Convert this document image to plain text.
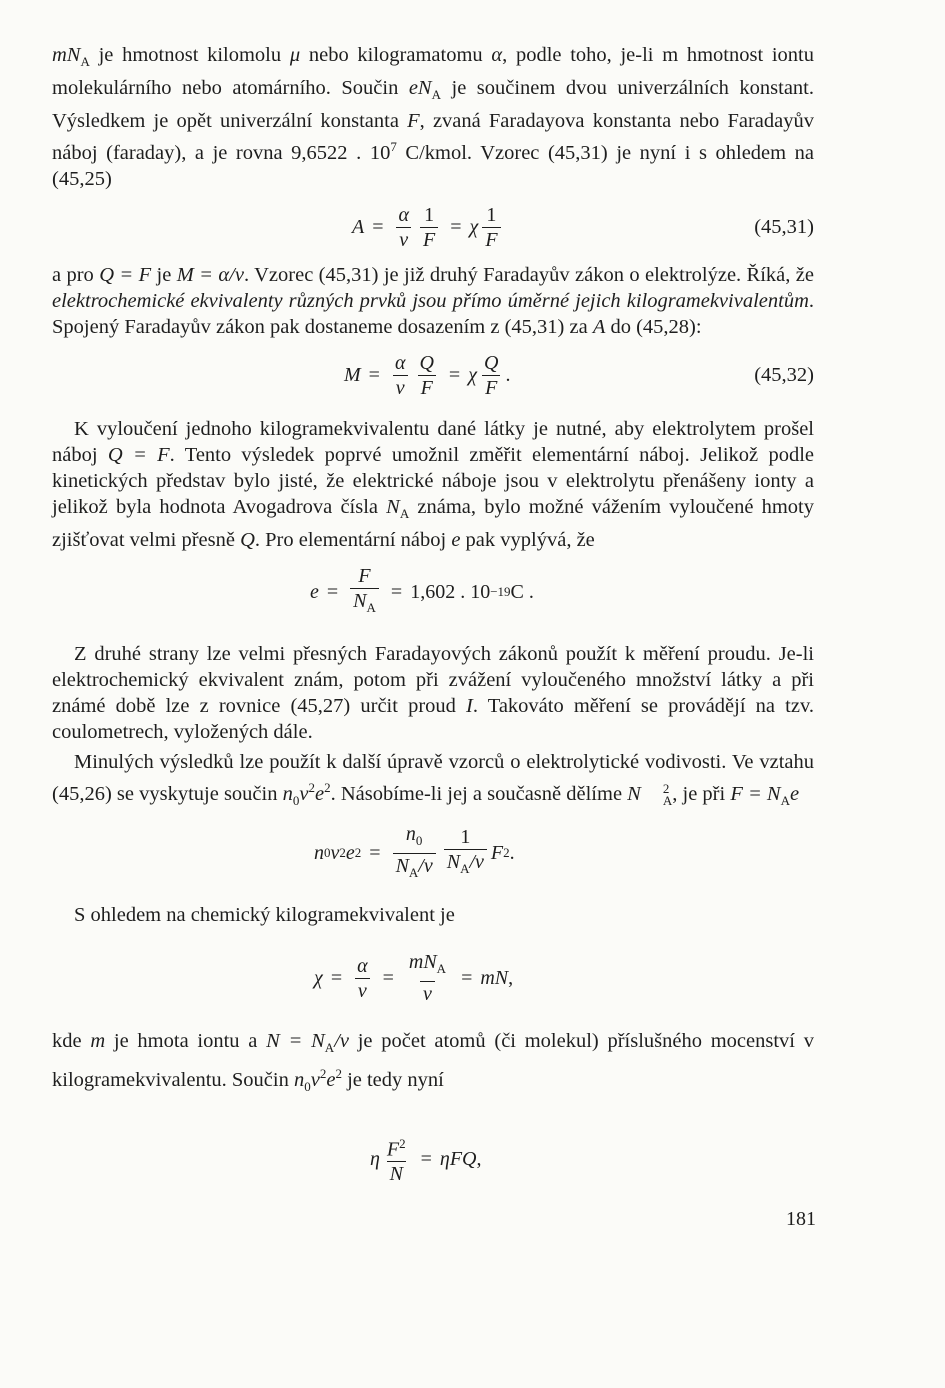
$mN_A$ je hmotnost kilomolu μ nebo kilogramatomu α, podle toho, je-li m hmotnost iontu molekulárního nebo atomárního. Součin $eN_A$ je součinem dvou univerzálních konstant. Výsledkem je opět univerzální konstanta F, zvaná Faradayova konstanta nebo Faradayův náboj (faraday), a je rovna 9,6522 . $10^7$ C/kmol. Vzorec (45,31) je nyní i s ohledem na (45,25)

$A = \frac{\alpha}{v} \frac{1}{F} = \chi \frac{1}{F}$	(45,31)

a pro Q = F je M = α/v. Vzorec (45,31) je již druhý Faradayův zákon o elektrolýze. Říká, že elektrochemické ekvivalenty různých prvků jsou přímo úměrné jejich kilogramekvivalentům. Spojený Faradayův zákon pak dostaneme dosazením z (45,31) za A do (45,28):

$M = \frac{\alpha}{v} \frac{Q}{F} = \chi \frac{Q}{F}$ .	(45,32)

K vyloučení jednoho kilogramekvivalentu dané látky je nutné, aby elektrolytem prošel náboj Q = F. Tento výsledek poprvé umožnil změřit elementární náboj. Jelikož podle kinetických představ bylo jisté, že elektrické náboje jsou v elektrolytu přenášeny ionty a jelikož byla hodnota Avogadrova čísla $N_A$ známa, bylo možné vážením vyloučené hmoty zjišťovat velmi přesně Q. Pro elementární náboj e pak vyplývá, že

$e = \frac{F}{N_A} = 1,602$ . 10 −19 C .

Z druhé strany lze velmi přesných Faradayových zákonů použít k měření proudu. Je-li elektrochemický ekvivalent znám, potom při zvážení vyloučeného množství látky a při známé době lze z rovnice (45,27) určit proud I. Takováto měření se provádějí na tzv. coulometrech, vyložených dále.

Minulých výsledků lze použít k další úpravě vzorců o elektrolytické vodivosti. Ve vztahu (45,26) se vyskytuje součin $n_0v^2e^2$. Násobíme-li jej a současně dělíme N	2
A , je při $F = N_Ae$

n 0 v 2 e $2 = \frac{n_0}{N_A/v} \frac{1}{N_A/v}$ F 2 .

S ohledem na chemický kilogramekvivalent je

$\chi = \frac{\alpha}{v} = \frac{mN_A}{v}$ = mN ,

kde m je hmota iontu a $N = N_A/v$ je počet atomů (či molekul) příslušného mocenství v kilogramekvivalentu. Součin $n_0v^2e^2$ je tedy nyní

η $\frac{F^2}{N} = \eta FQ$ ,
181
